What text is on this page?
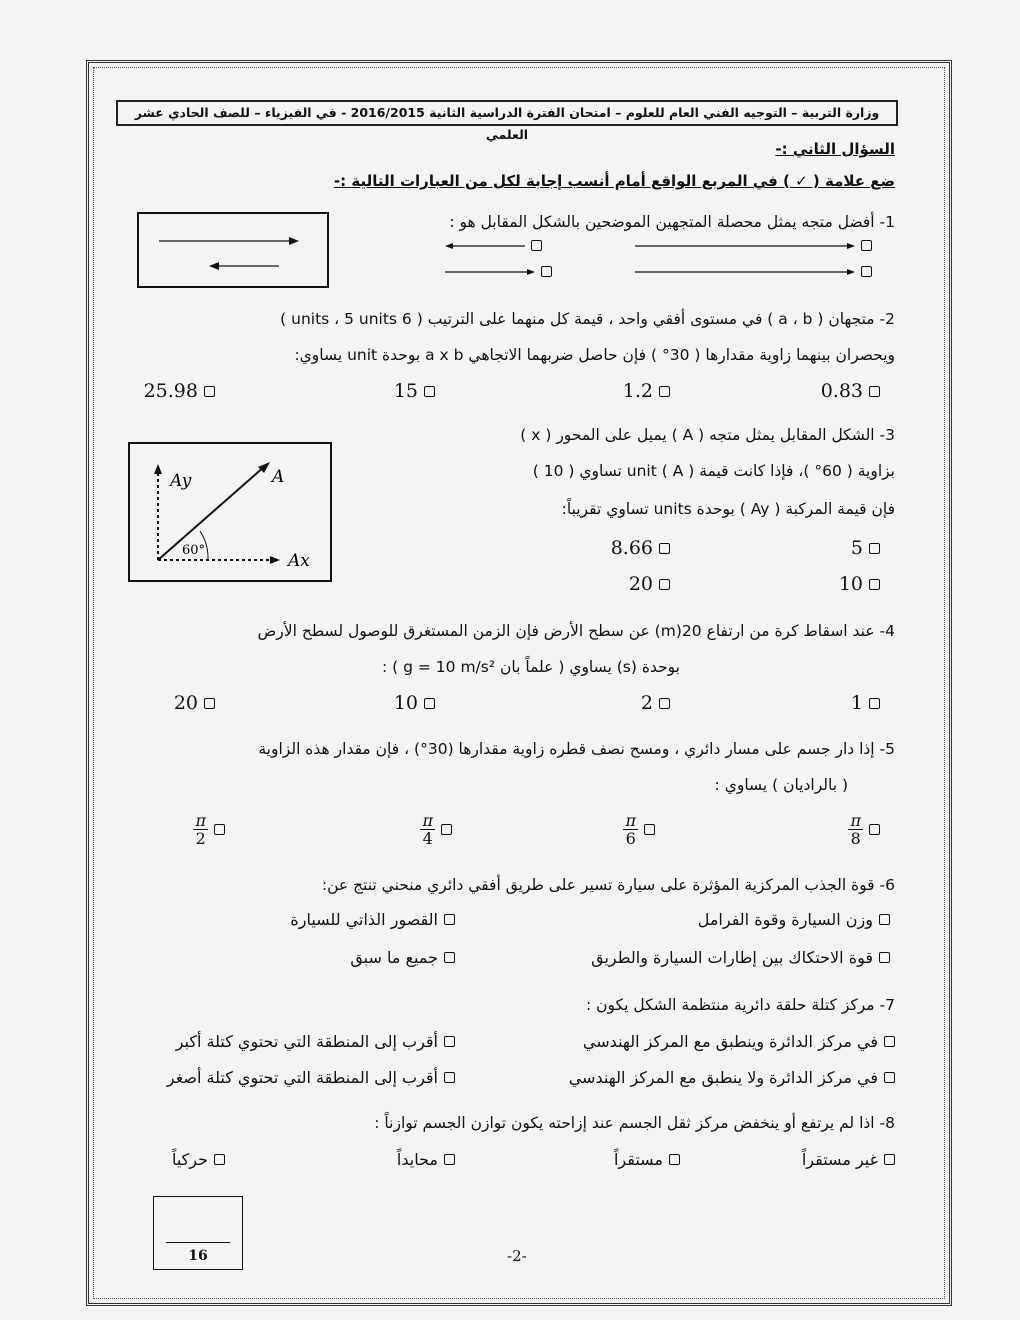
وزارة التربية – التوجيه الفني العام للعلوم – امتحان الفترة الدراسية الثانية 2016/2015 - في الفيزياء – للصف الحادي عشر العلمي
السؤال الثاني :-
ضع علامة ( ✓ ) في المربع الواقع أمام أنسب إجابة لكل من العبارات التالية :-
1- أفضل متجه يمثل محصلة المتجهين الموضحين بالشكل المقابل هو :
2- متجهان ( a ، b ) في مستوى أفقي واحد ، قيمة كل منهما على الترتيب ( 6 units ، 5 units )
ويحصران بينهما زاوية مقدارها ( 30° ) فإن حاصل ضربهما الاتجاهي a x b بوحدة unit يساوي:
0.83
1.2
15
25.98
3- الشكل المقابل يمثل متجه ( A ) يميل على المحور ( x )
بزاوية ( 60° )، فإذا كانت قيمة ( A ) unit تساوي ( 10 )
فإن قيمة المركبة ( Ay ) بوحدة units تساوي تقريباً:
Ay	A
Ax
60°	5
8.66
10
20
4- عند اسقاط كرة من ارتفاع 20(m) عن سطح الأرض فإن الزمن المستغرق للوصول لسطح الأرض
بوحدة (s) يساوي ( علماً بان g = 10 m/s² ) :
1
2
10
20
5- إذا دار جسم على مسار دائري ، ومسح نصف قطره زاوية مقدارها (30°) ، فإن مقدار هذه الزاوية
( بالراديان ) يساوي :
$\frac{\pi}{8}$
$\frac{\pi}{6}$
$\frac{\pi}{4}$
$\frac{\pi}{2}$
6- قوة الجذب المركزية المؤثرة على سيارة تسير على طريق أفقي دائري منحني تنتج عن:
وزن السيارة وقوة الفرامل
القصور الذاتي للسيارة
قوة الاحتكاك بين إطارات السيارة والطريق
جميع ما سبق
7- مركز كتلة حلقة دائرية منتظمة الشكل يكون :
في مركز الدائرة وينطبق مع المركز الهندسي
أقرب إلى المنطقة التي تحتوي كتلة أكبر
في مركز الدائرة ولا ينطبق مع المركز الهندسي
أقرب إلى المنطقة التي تحتوي كتلة أصغر
8- اذا لم يرتفع أو ينخفض مركز ثقل الجسم عند إزاحته يكون توازن الجسم توازناً :
غير مستقراً
مستقراً
محايداً
حركياً
16	-2-
